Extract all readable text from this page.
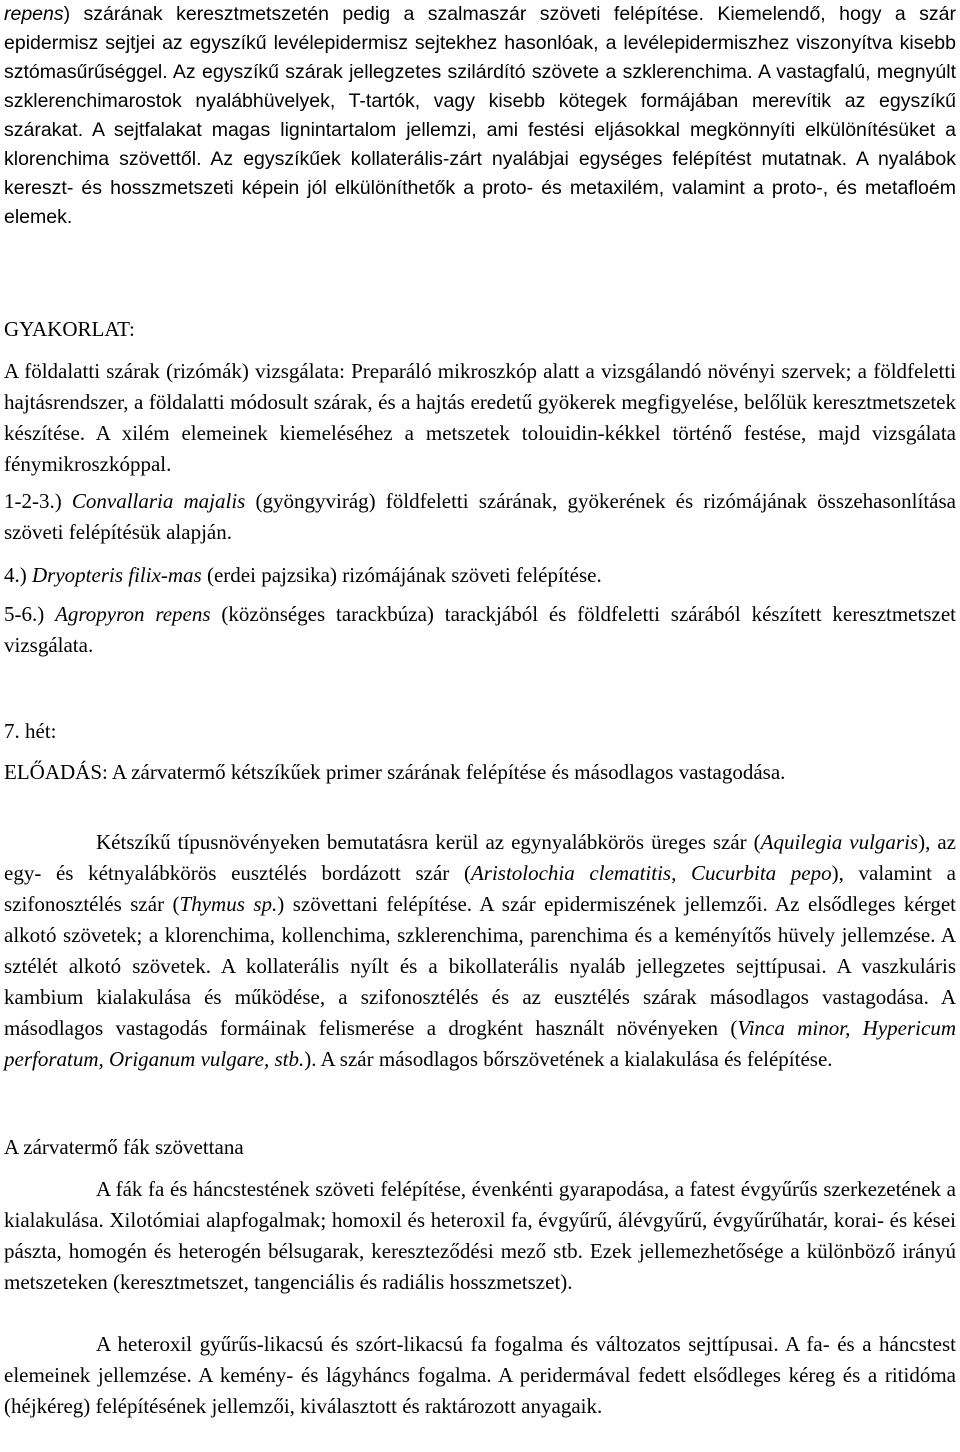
repens) szárának keresztmetszetén pedig a szalmaszár szöveti felépítése. Kiemelendő, hogy a szár epidermisz sejtjei az egyszíkű levélepidermisz sejtekhez hasonlóak, a levélepidermiszhez viszonyítva kisebb sztómasűrűséggel. Az egyszíkű szárak jellegzetes szilárdító szövete a szklerenchima. A vastagfalú, megnyúlt szklerenchimarostok nyalábhüvelyek, T-tartók, vagy kisebb kötegek formájában merevítik az egyszíkű szárakat. A sejtfalakat magas lignintartalom jellemzi, ami festési eljásokkal megkönnyíti elkülönítésüket a klorenchima szövettől. Az egyszíkűek kollaterális-zárt nyalábjai egységes felépítést mutatnak. A nyalábok kereszt- és hosszmetszeti képein jól elkülöníthetők a proto- és metaxilém, valamint a proto-, és metafloém elemek.

GYAKORLAT:

A földalatti szárak (rizómák) vizsgálata: Preparáló mikroszkóp alatt a vizsgálandó növényi szervek; a földfeletti hajtásrendszer, a földalatti módosult szárak, és a hajtás eredetű gyökerek megfigyelése, belőlük keresztmetszetek készítése. A xilém elemeinek kiemeléséhez a metszetek tolouidin-kékkel történő festése, majd vizsgálata fénymikroszkóppal.

1-2-3.) Convallaria majalis (gyöngyvirág) földfeletti szárának, gyökerének és rizómájának összehasonlítása szöveti felépítésük alapján.

4.) Dryopteris filix-mas (erdei pajzsika) rizómájának szöveti felépítése.

5-6.) Agropyron repens (közönséges tarackbúza) tarackjából és földfeletti szárából készített keresztmetszet vizsgálata.

7. hét:

ELŐADÁS: A zárvatermő kétszíkűek primer szárának felépítése és másodlagos vastagodása.

Kétszíkű típusnövényeken bemutatásra kerül az egynyalábkörös üreges szár (Aquilegia vulgaris), az egy- és kétnyalábkörös eusztélés bordázott szár (Aristolochia clematitis, Cucurbita pepo), valamint a szifonosztélés szár (Thymus sp.) szövettani felépítése. A szár epidermiszének jellemzői. Az elsődleges kérget alkotó szövetek; a klorenchima, kollenchima, szklerenchima, parenchima és a keményítős hüvely jellemzése. A sztélét alkotó szövetek. A kollaterális nyílt és a bikollaterális nyaláb jellegzetes sejttípusai. A vaszkuláris kambium kialakulása és működése, a szifonosztélés és az eusztélés szárak másodlagos vastagodása. A másodlagos vastagodás formáinak felismerése a drogként használt növényeken (Vinca minor, Hypericum perforatum, Origanum vulgare, stb.). A szár másodlagos bőrszövetének a kialakulása és felépítése.

A zárvatermő fák szövettana

A fák fa és háncstestének szöveti felépítése, évenkénti gyarapodása, a fatest évgyűrűs szerkezetének a kialakulása. Xilotómiai alapfogalmak; homoxil és heteroxil fa, évgyűrű, álévgyűrű, évgyűrűhatár, korai- és kései pászta, homogén és heterogén bélsugarak, kereszteződési mező stb. Ezek jellemezhetősége a különböző irányú metszeteken (keresztmetszet, tangenciális és radiális hosszmetszet).

A heteroxil gyűrűs-likacsú és szórt-likacsú fa fogalma és változatos sejttípusai. A fa- és a háncstest elemeinek jellemzése. A kemény- és lágyháncs fogalma. A peridermával fedett elsődleges kéreg és a ritidóma (héjkéreg) felépítésének jellemzői, kiválasztott és raktározott anyagaik.
